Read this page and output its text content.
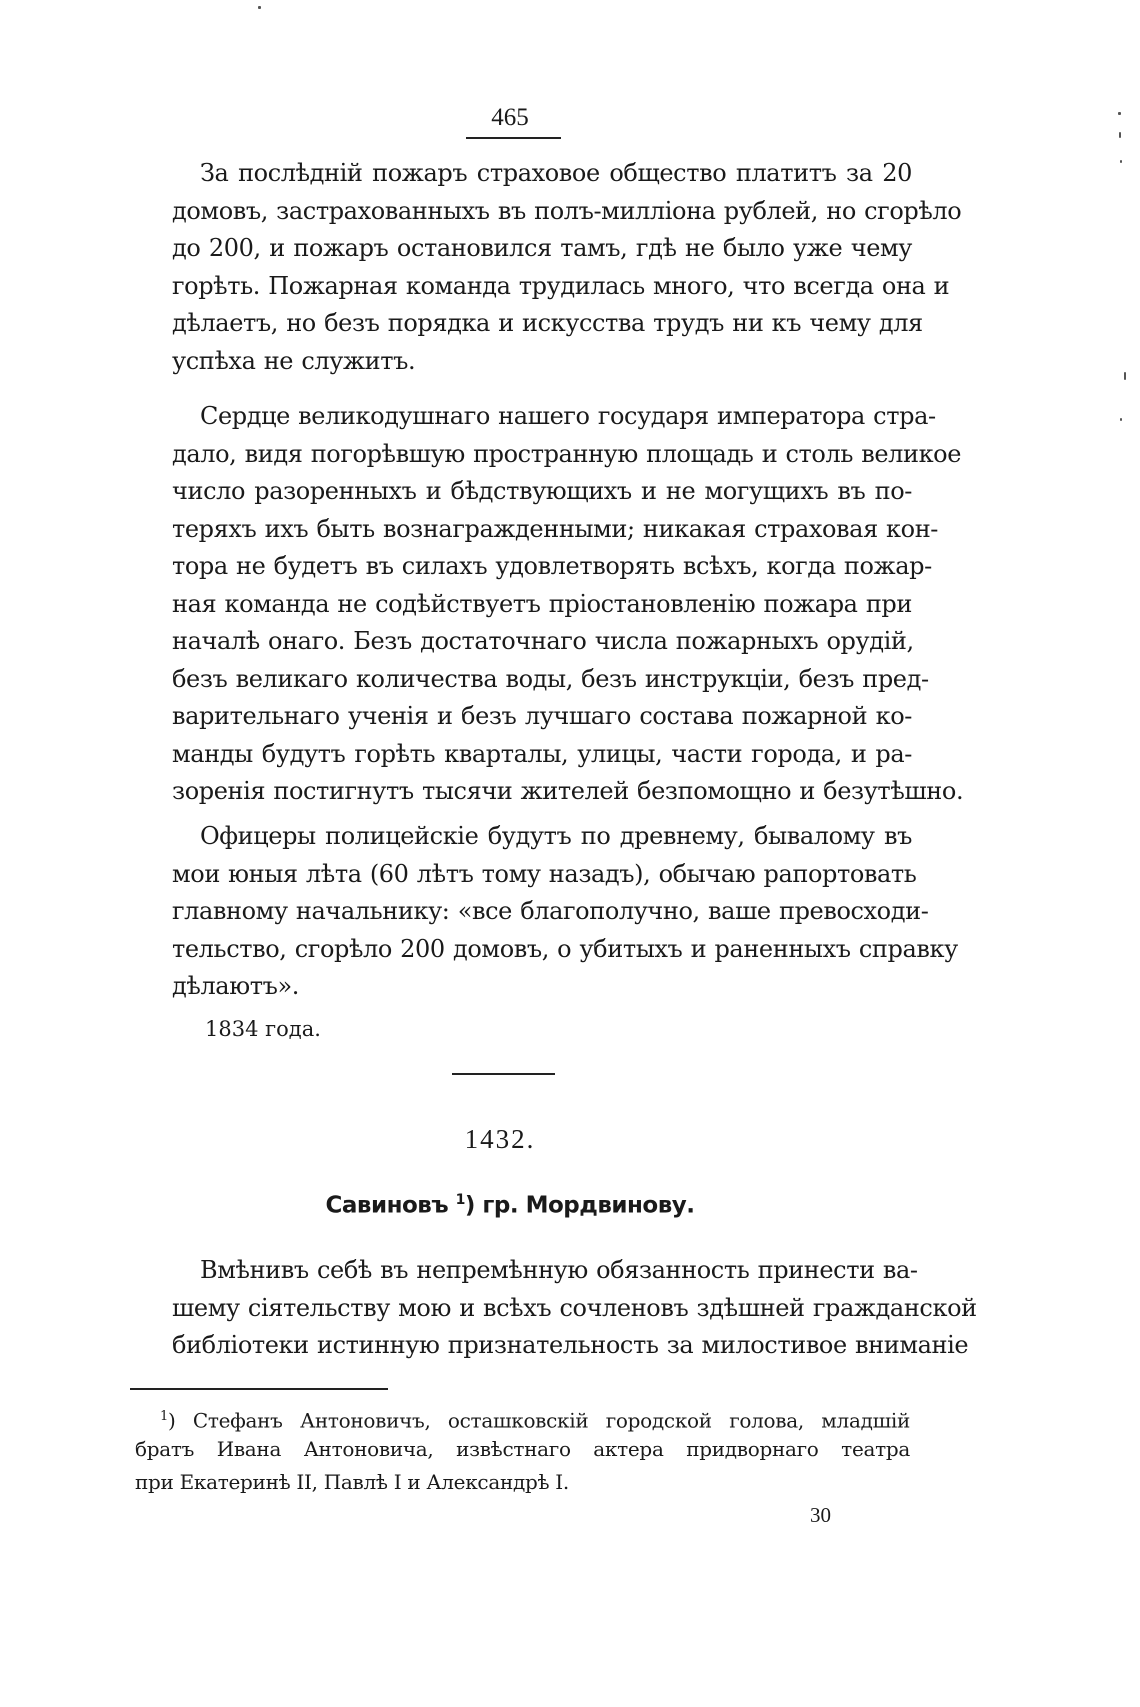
465
За послѣдній пожаръ страховое общество платитъ за 20
домовъ, застрахованныхъ въ полъ-милліона рублей, но сгорѣло
до 200, и пожаръ остановился тамъ, гдѣ не было уже чему
горѣть. Пожарная команда трудилась много, что всегда она и
дѣлаетъ, но безъ порядка и искусства трудъ ни къ чему для
успѣха не служитъ.
Сердце великодушнаго нашего государя императора стра-
дало, видя погорѣвшую пространную площадь и столь великое
число разоренныхъ и бѣдствующихъ и не могущихъ въ по-
теряхъ ихъ быть вознагражденными; никакая страховая кон-
тора не будетъ въ силахъ удовлетворять всѣхъ, когда пожар-
ная команда не содѣйствуетъ пріостановленію пожара при
началѣ онаго. Безъ достаточнаго числа пожарныхъ орудій,
безъ великаго количества воды, безъ инструкціи, безъ пред-
варительнаго ученія и безъ лучшаго состава пожарной ко-
манды будутъ горѣть кварталы, улицы, части города, и ра-
зоренія постигнутъ тысячи жителей безпомощно и безутѣшно.
Офицеры полицейскіе будутъ по древнему, бывалому въ
мои юныя лѣта (60 лѣтъ тому назадъ), обычаю рапортовать
главному начальнику: «все благополучно, ваше превосходи-
тельство, сгорѣло 200 домовъ, о убитыхъ и раненныхъ справку
дѣлаютъ».
1834 года.
1432.
Савиновъ $^1$) гр. Мордвинову.
Вмѣнивъ себѣ въ непремѣнную обязанность принести ва-
шему сіятельству мою и всѣхъ сочленовъ здѣшней гражданской
библіотеки истинную признательность за милостивое вниманіе
$^1$) Стефанъ Антоновичъ, осташковскій городской голова, младшій
братъ Ивана Антоновича, извѣстнаго актера придворнаго театра
при Екатеринѣ II, Павлѣ I и Александрѣ I.
30
